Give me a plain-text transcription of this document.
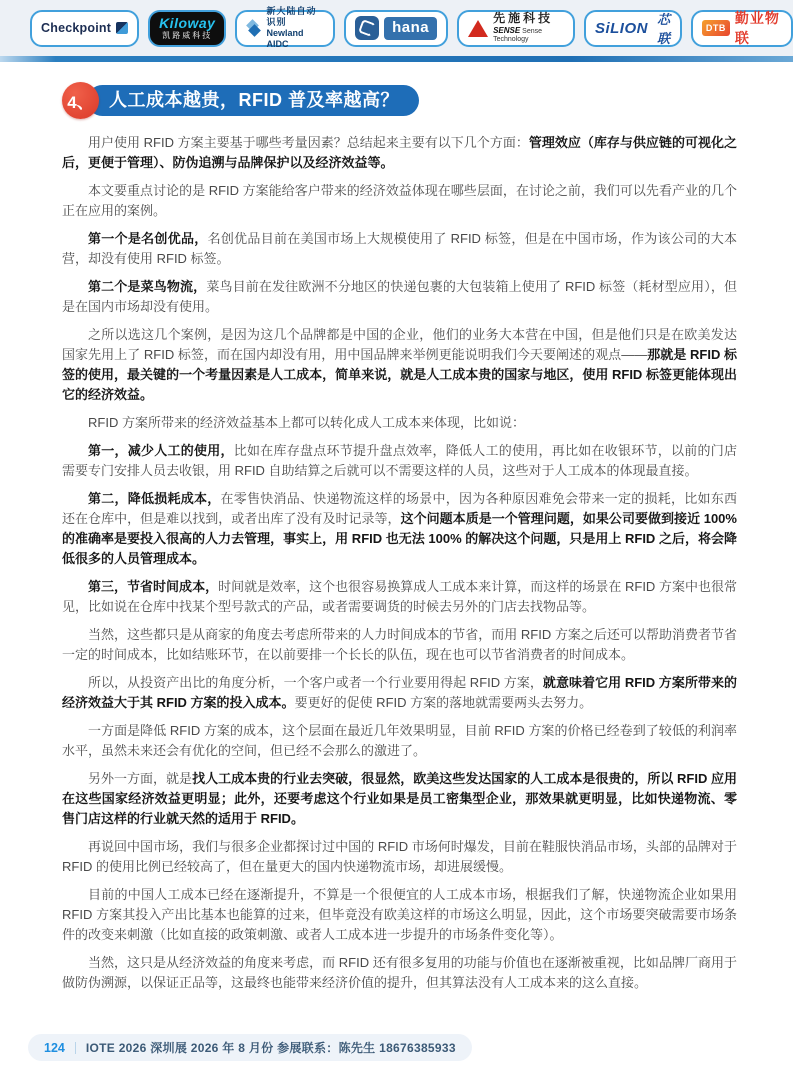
Checkpoint	Kiloway
凯路威科技
新大陆自动识别
Newland AIDC
hana
先施科技
SENSE Sense Technology
SiLION 芯联
DTB
勤业物联
4、 人工成本越贵，RFID 普及率越高？

用户使用 RFID 方案主要基于哪些考量因素？总结起来主要有以下几个方面：管理效应（库存与供应链的可视化之后，更便于管理）、防伪追溯与品牌保护以及经济效益等。

本文要重点讨论的是 RFID 方案能给客户带来的经济效益体现在哪些层面，在讨论之前，我们可以先看产业的几个正在应用的案例。

第一个是名创优品，名创优品目前在美国市场上大规模使用了 RFID 标签，但是在中国市场，作为该公司的大本营，却没有使用 RFID 标签。

第二个是菜鸟物流，菜鸟目前在发往欧洲不分地区的快递包裹的大包装箱上使用了 RFID 标签（耗材型应用），但是在国内市场却没有使用。

之所以选这几个案例，是因为这几个品牌都是中国的企业，他们的业务大本营在中国，但是他们只是在欧美发达国家先用上了 RFID 标签，而在国内却没有用，用中国品牌来举例更能说明我们今天要阐述的观点——那就是 RFID 标签的使用，最关键的一个考量因素是人工成本，简单来说，就是人工成本贵的国家与地区，使用 RFID 标签更能体现出它的经济效益。

RFID 方案所带来的经济效益基本上都可以转化成人工成本来体现，比如说：

第一，减少人工的使用，比如在库存盘点环节提升盘点效率，降低人工的使用，再比如在收银环节，以前的门店需要专门安排人员去收银，用 RFID 自助结算之后就可以不需要这样的人员，这些对于人工成本的体现最直接。

第二，降低损耗成本，在零售快消品、快递物流这样的场景中，因为各种原因难免会带来一定的损耗，比如东西还在仓库中，但是难以找到，或者出库了没有及时记录等，这个问题本质是一个管理问题，如果公司要做到接近 100% 的准确率是要投入很高的人力去管理，事实上，用 RFID 也无法 100% 的解决这个问题，只是用上 RFID 之后，将会降低很多的人员管理成本。

第三，节省时间成本，时间就是效率，这个也很容易换算成人工成本来计算，而这样的场景在 RFID 方案中也很常见，比如说在仓库中找某个型号款式的产品，或者需要调货的时候去另外的门店去找物品等。

当然，这些都只是从商家的角度去考虑所带来的人力时间成本的节省，而用 RFID 方案之后还可以帮助消费者节省一定的时间成本，比如结账环节，在以前要排一个长长的队伍，现在也可以节省消费者的时间成本。

所以，从投资产出比的角度分析，一个客户或者一个行业要用得起 RFID 方案，就意味着它用 RFID 方案所带来的经济效益大于其 RFID 方案的投入成本。要更好的促使 RFID 方案的落地就需要两头去努力。

一方面是降低 RFID 方案的成本，这个层面在最近几年效果明显，目前 RFID 方案的价格已经卷到了较低的利润率水平，虽然未来还会有优化的空间，但已经不会那么的激进了。

另外一方面，就是找人工成本贵的行业去突破，很显然，欧美这些发达国家的人工成本是很贵的，所以 RFID 应用在这些国家经济效益更明显；此外，还要考虑这个行业如果是员工密集型企业，那效果就更明显，比如快递物流、零售门店这样的行业就天然的适用于 RFID。

再说回中国市场，我们与很多企业都探讨过中国的 RFID 市场何时爆发，目前在鞋服快消品市场，头部的品牌对于 RFID 的使用比例已经较高了，但在量更大的国内快递物流市场，却进展缓慢。

目前的中国人工成本已经在逐渐提升，不算是一个很便宜的人工成本市场，根据我们了解，快递物流企业如果用 RFID 方案其投入产出比基本也能算的过来，但毕竟没有欧美这样的市场这么明显，因此，这个市场要突破需要市场条件的改变来刺激（比如直接的政策刺激、或者人工成本进一步提升的市场条件变化等）。

当然，这只是从经济效益的角度来考虑，而 RFID 还有很多复用的功能与价值也在逐渐被重视，比如品牌厂商用于做防伪溯源，以保证正品等，这最终也能带来经济价值的提升，但其算法没有人工成本来的这么直接。

124 IOTE 2026 深圳展 2026 年 8 月份 参展联系：陈先生 18676385933
